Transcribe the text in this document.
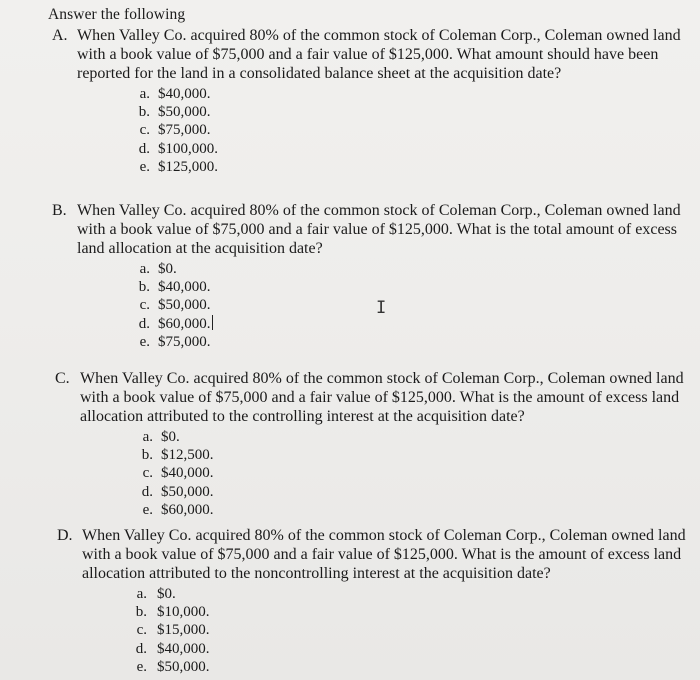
Answer the following
A. When Valley Co. acquired 80% of the common stock of Coleman Corp., Coleman owned land with a book value of $75,000 and a fair value of $125,000. What amount should have been reported for the land in a consolidated balance sheet at the acquisition date?
a. $40,000.
b. $50,000.
c. $75,000.
d. $100,000.
e. $125,000.
B. When Valley Co. acquired 80% of the common stock of Coleman Corp., Coleman owned land with a book value of $75,000 and a fair value of $125,000. What is the total amount of excess land allocation at the acquisition date?
a. $0.
b. $40,000.
c. $50,000.
d. $60,000.
e. $75,000.
C. When Valley Co. acquired 80% of the common stock of Coleman Corp., Coleman owned land with a book value of $75,000 and a fair value of $125,000. What is the amount of excess land allocation attributed to the controlling interest at the acquisition date?
a. $0.
b. $12,500.
c. $40,000.
d. $50,000.
e. $60,000.
D. When Valley Co. acquired 80% of the common stock of Coleman Corp., Coleman owned land with a book value of $75,000 and a fair value of $125,000. What is the amount of excess land allocation attributed to the noncontrolling interest at the acquisition date?
a. $0.
b. $10,000.
c. $15,000.
d. $40,000.
e. $50,000.
I
